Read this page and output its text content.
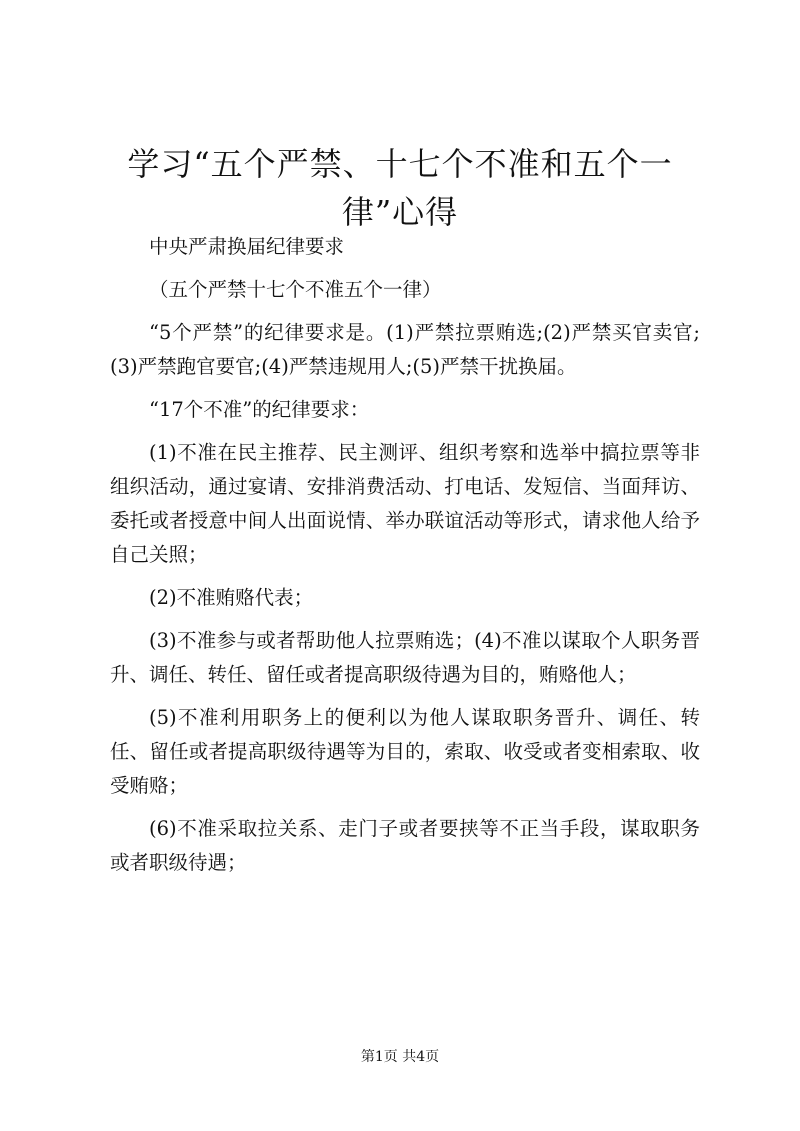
学习“五个严禁、十七个不准和五个一律”心得

中央严肃换届纪律要求

（五个严禁十七个不准五个一律）

“5个严禁”的纪律要求是。(1)严禁拉票贿选;(2)严禁买官卖官;(3)严禁跑官要官;(4)严禁违规用人;(5)严禁干扰换届。

“17个不准”的纪律要求：

(1)不准在民主推荐、民主测评、组织考察和选举中搞拉票等非组织活动，通过宴请、安排消费活动、打电话、发短信、当面拜访、委托或者授意中间人出面说情、举办联谊活动等形式，请求他人给予自己关照；

(2)不准贿赂代表；

(3)不准参与或者帮助他人拉票贿选；(4)不准以谋取个人职务晋升、调任、转任、留任或者提高职级待遇为目的，贿赂他人；

(5)不准利用职务上的便利以为他人谋取职务晋升、调任、转任、留任或者提高职级待遇等为目的，索取、收受或者变相索取、收受贿赂；

(6)不准采取拉关系、走门子或者要挟等不正当手段，谋取职务或者职级待遇；

第1页 共4页
